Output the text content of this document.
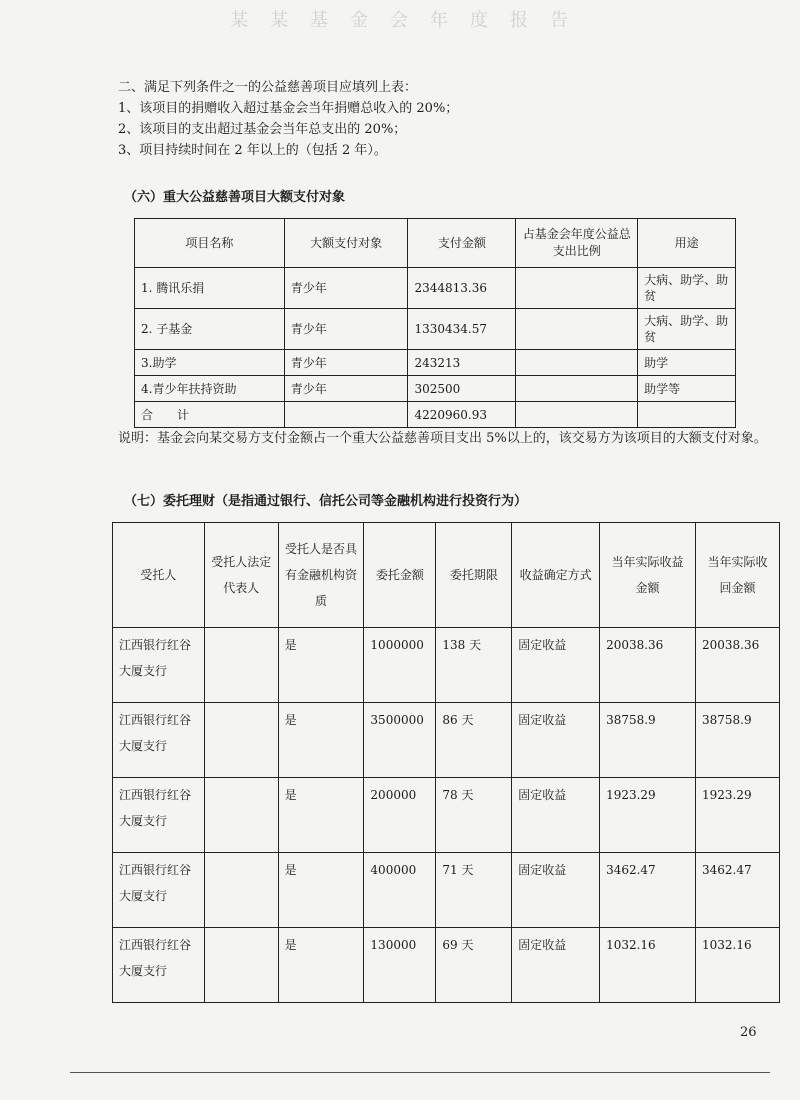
某某基金会年度报告
二、满足下列条件之一的公益慈善项目应填列上表：
1、该项目的捐赠收入超过基金会当年捐赠总收入的 20%；
2、该项目的支出超过基金会当年总支出的 20%；
3、项目持续时间在 2 年以上的（包括 2 年）。
（六）重大公益慈善项目大额支付对象
项目名称	大额支付对象	支付金额	占基金会年度公益总支出比例	用途
1. 腾讯乐捐	青少年	2344813.36		大病、助学、助贫
2. 子基金	青少年	1330434.57		大病、助学、助贫
3.助学	青少年	243213		助学
4.青少年扶持资助	青少年	302500		助学等
合　　计		4220960.93		
说明：基金会向某交易方支付金额占一个重大公益慈善项目支出 5%以上的，该交易方为该项目的大额支付对象。
（七）委托理财（是指通过银行、信托公司等金融机构进行投资行为）
受托人	受托人法定代表人	受托人是否具有金融机构资质	委托金额	委托期限	收益确定方式	当年实际收益金额	当年实际收回金额
江西银行红谷大厦支行		是	1000000	138 天	固定收益	20038.36	20038.36
江西银行红谷大厦支行		是	3500000	86 天	固定收益	38758.9	38758.9
江西银行红谷大厦支行		是	200000	78 天	固定收益	1923.29	1923.29
江西银行红谷大厦支行		是	400000	71 天	固定收益	3462.47	3462.47
江西银行红谷大厦支行		是	130000	69 天	固定收益	1032.16	1032.16
26
